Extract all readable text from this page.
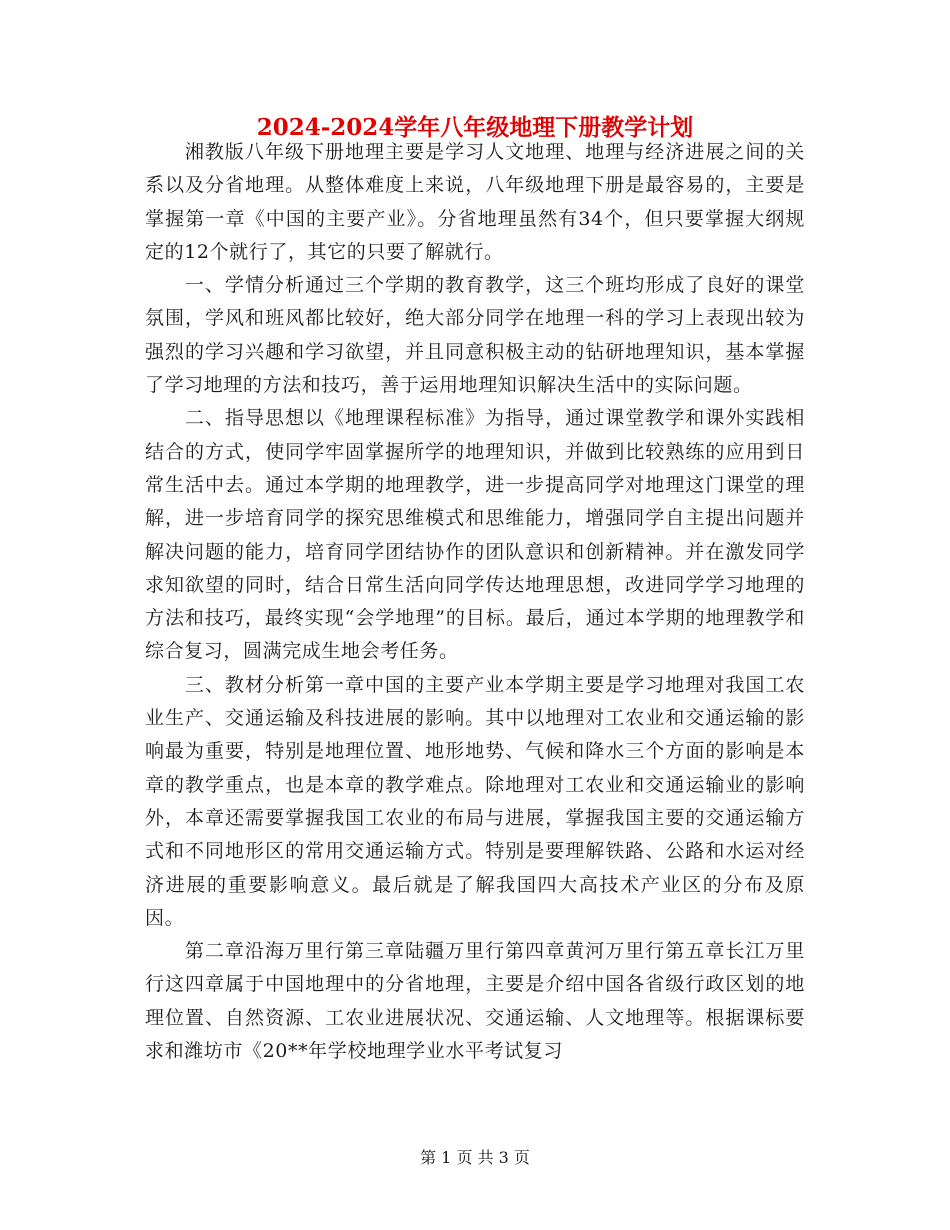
2024-2024学年八年级地理下册教学计划

湘教版八年级下册地理主要是学习人文地理、地理与经济进展之间的关系以及分省地理。从整体难度上来说，八年级地理下册是最容易的，主要是掌握第一章《中国的主要产业》。分省地理虽然有34个，但只要掌握大纲规定的12个就行了，其它的只要了解就行。

一、学情分析通过三个学期的教育教学，这三个班均形成了良好的课堂氛围，学风和班风都比较好，绝大部分同学在地理一科的学习上表现出较为强烈的学习兴趣和学习欲望，并且同意积极主动的钻研地理知识，基本掌握了学习地理的方法和技巧，善于运用地理知识解决生活中的实际问题。

二、指导思想以《地理课程标准》为指导，通过课堂教学和课外实践相结合的方式，使同学牢固掌握所学的地理知识，并做到比较熟练的应用到日常生活中去。通过本学期的地理教学，进一步提高同学对地理这门课堂的理解，进一步培育同学的探究思维模式和思维能力，增强同学自主提出问题并解决问题的能力，培育同学团结协作的团队意识和创新精神。并在激发同学求知欲望的同时，结合日常生活向同学传达地理思想，改进同学学习地理的方法和技巧，最终实现“会学地理”的目标。最后，通过本学期的地理教学和综合复习，圆满完成生地会考任务。

三、教材分析第一章中国的主要产业本学期主要是学习地理对我国工农业生产、交通运输及科技进展的影响。其中以地理对工农业和交通运输的影响最为重要，特别是地理位置、地形地势、气候和降水三个方面的影响是本章的教学重点，也是本章的教学难点。除地理对工农业和交通运输业的影响外，本章还需要掌握我国工农业的布局与进展，掌握我国主要的交通运输方式和不同地形区的常用交通运输方式。特别是要理解铁路、公路和水运对经济进展的重要影响意义。最后就是了解我国四大高技术产业区的分布及原因。

第二章沿海万里行第三章陆疆万里行第四章黄河万里行第五章长江万里行这四章属于中国地理中的分省地理，主要是介绍中国各省级行政区划的地理位置、自然资源、工农业进展状况、交通运输、人文地理等。根据课标要求和潍坊市《20**年学校地理学业水平考试复习

第 1 页 共 3 页
